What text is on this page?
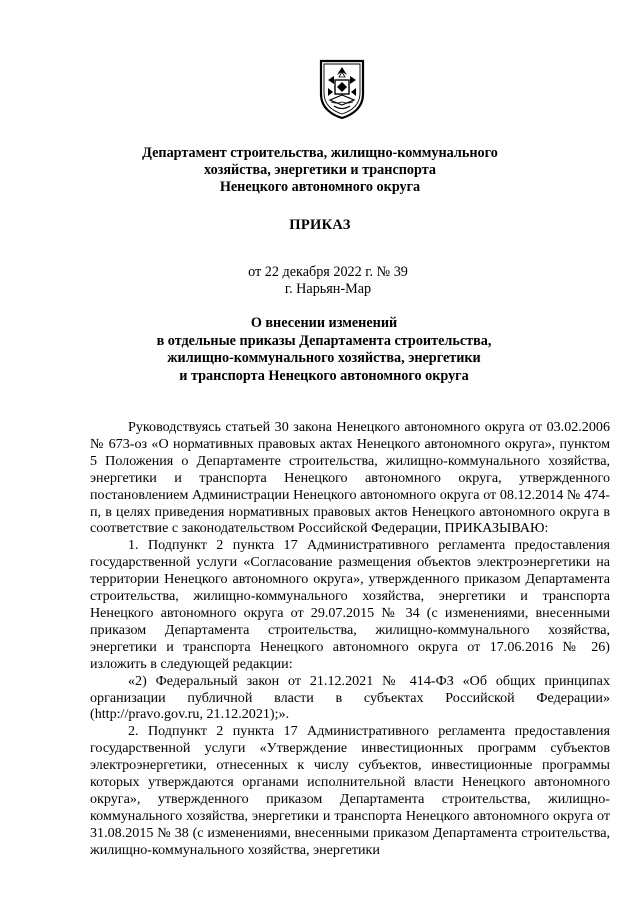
Департамент строительства, жилищно-коммунального
хозяйства, энергетики и транспорта
Ненецкого автономного округа
ПРИКАЗ
от 22 декабря 2022 г. № 39
г. Нарьян-Мар
О внесении изменений
в отдельные приказы Департамента строительства,
жилищно-коммунального хозяйства, энергетики
и транспорта Ненецкого автономного округа

Руководствуясь статьей 30 закона Ненецкого автономного округа от 03.02.2006 № 673-оз «О нормативных правовых актах Ненецкого автономного округа», пунктом 5 Положения о Департаменте строительства, жилищно-коммунального хозяйства, энергетики и транспорта Ненецкого автономного округа, утвержденного постановлением Администрации Ненецкого автономного округа от 08.12.2014 № 474-п, в целях приведения нормативных правовых актов Ненецкого автономного округа в соответствие с законодательством Российской Федерации, ПРИКАЗЫВАЮ:

1. Подпункт 2 пункта 17 Административного регламента предоставления государственной услуги «Согласование размещения объектов электроэнергетики на территории Ненецкого автономного округа», утвержденного приказом Департамента строительства, жилищно-коммунального хозяйства, энергетики и транспорта Ненецкого автономного округа от 29.07.2015 № 34 (с изменениями, внесенными приказом Департамента строительства, жилищно-коммунального хозяйства, энергетики и транспорта Ненецкого автономного округа от 17.06.2016 № 26) изложить в следующей редакции:

«2) Федеральный закон от 21.12.2021 № 414-ФЗ «Об общих принципах организации публичной власти в субъектах Российской Федерации» (http://pravo.gov.ru, 21.12.2021);».

2. Подпункт 2 пункта 17 Административного регламента предоставления государственной услуги «Утверждение инвестиционных программ субъектов электроэнергетики, отнесенных к числу субъектов, инвестиционные программы которых утверждаются органами исполнительной власти Ненецкого автономного округа», утвержденного приказом Департамента строительства, жилищно-коммунального хозяйства, энергетики и транспорта Ненецкого автономного округа от 31.08.2015 № 38 (с изменениями, внесенными приказом Департамента строительства, жилищно-коммунального хозяйства, энергетики
